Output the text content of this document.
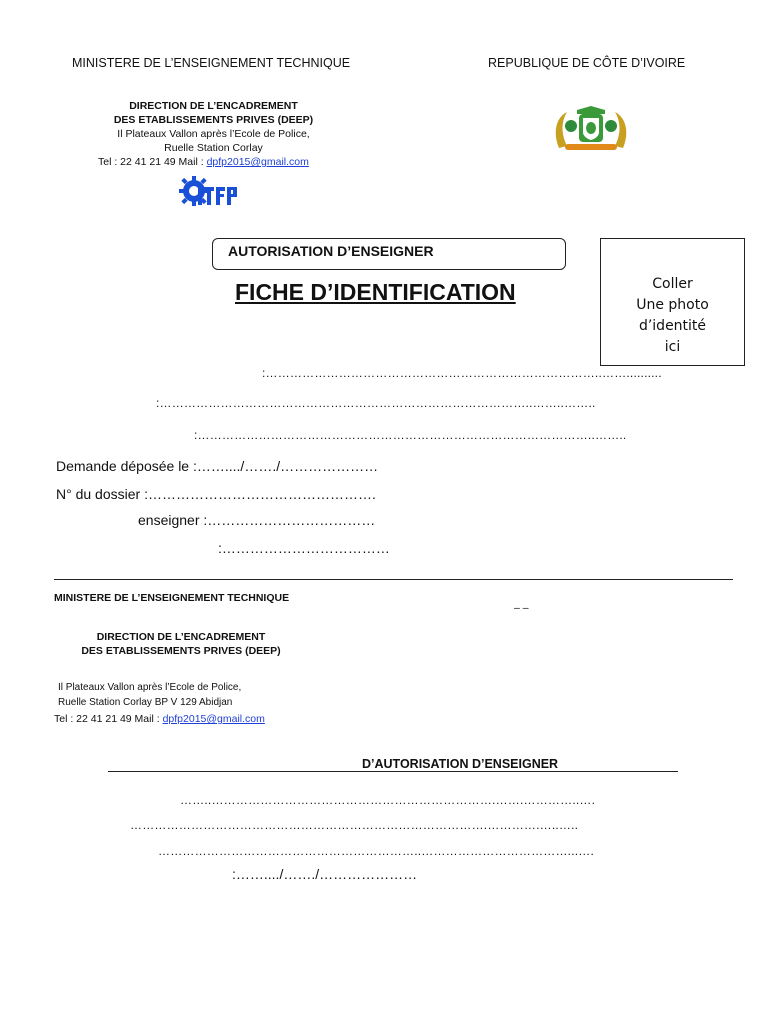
MINISTERE DE L’ENSEIGNEMENT TECHNIQUE	REPUBLIQUE DE CÔTE D’IVOIRE
DIRECTION DE L’ENCADREMENT
DES ETABLISSEMENTS PRIVES (DEEP)
Il Plateaux Vallon après l’Ecole de Police,
Ruelle Station Corlay
Tel : 22 41 21 49 Mail : dpfp2015@gmail.com
AUTORISATION D’ENSEIGNER
FICHE D’IDENTIFICATION	Coller
Une photo
d’identité
ici
:………………………………………………………………………..……..........
:………………………………………………………………………………..……..……..
:……………………………………………………………………………………..……..
Demande déposée le :……..../……./…………………
N° du dossier :………………………………………….
enseigner :………………………………
:………………………………
MINISTERE DE L’ENSEIGNEMENT TECHNIQUE
– –
DIRECTION DE L’ENCADREMENT
DES ETABLISSEMENTS PRIVES (DEEP)
Il Plateaux Vallon après l’Ecole de Police,
Ruelle Station Corlay BP V 129 Abidjan
Tel : 22 41 21 49 Mail : dpfp2015@gmail.com
D’AUTORISATION D’ENSEIGNER
……..…………………………………………………………….…….…………..….
…………………………………………………………………………….………….…..…..
………………………………………………………..………………………………...….
:……..../……./…………………
